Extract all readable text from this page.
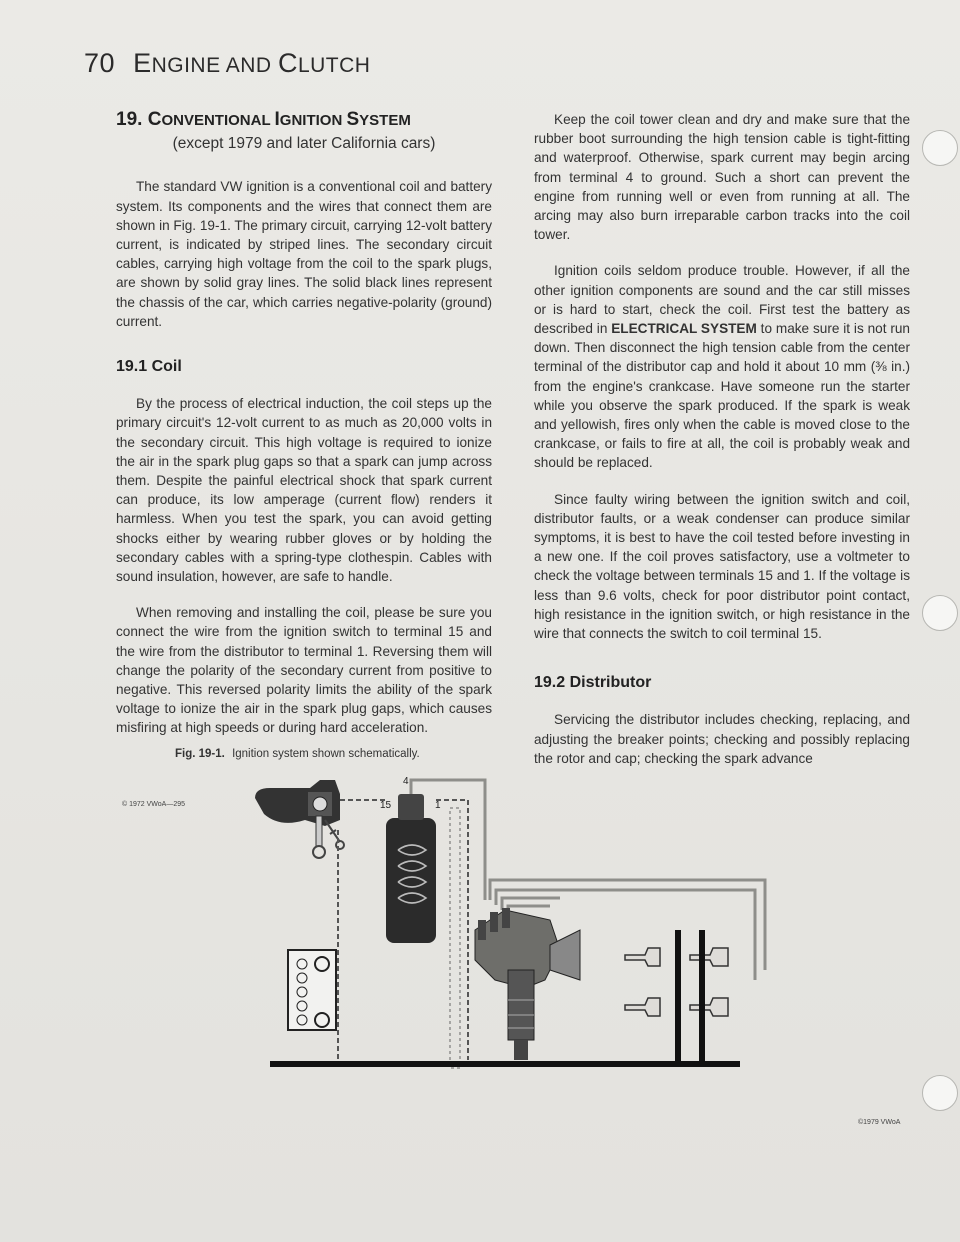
70 ENGINE AND CLUTCH
19. CONVENTIONAL IGNITION SYSTEM
(except 1979 and later California cars)

The standard VW ignition is a conventional coil and battery system. Its components and the wires that connect them are shown in Fig. 19-1. The primary circuit, carrying 12-volt battery current, is indicated by striped lines. The secondary circuit cables, carrying high voltage from the coil to the spark plugs, are shown by solid gray lines. The solid black lines represent the chassis of the car, which carries negative-polarity (ground) current.

19.1 Coil

By the process of electrical induction, the coil steps up the primary circuit's 12-volt current to as much as 20,000 volts in the secondary circuit. This high voltage is required to ionize the air in the spark plug gaps so that a spark can jump across them. Despite the painful electrical shock that spark current can produce, its low amperage (current flow) renders it harmless. When you test the spark, you can avoid getting shocks either by wearing rubber gloves or by holding the secondary cables with a spring-type clothespin. Cables with sound insulation, however, are safe to handle.

When removing and installing the coil, please be sure you connect the wire from the ignition switch to terminal 15 and the wire from the distributor to terminal 1. Reversing them will change the polarity of the secondary current from positive to negative. This reversed polarity limits the ability of the spark voltage to ionize the air in the spark plug gaps, which causes misfiring at high speeds or during hard acceleration.

Keep the coil tower clean and dry and make sure that the rubber boot surrounding the high tension cable is tight-fitting and waterproof. Otherwise, spark current may begin arcing from terminal 4 to ground. Such a short can prevent the engine from running well or even from running at all. The arcing may also burn irreparable carbon tracks into the coil tower.

Ignition coils seldom produce trouble. However, if all the other ignition components are sound and the car still misses or is hard to start, check the coil. First test the battery as described in ELECTRICAL SYSTEM to make sure it is not run down. Then disconnect the high tension cable from the center terminal of the distributor cap and hold it about 10 mm (⅜ in.) from the engine's crankcase. Have someone run the starter while you observe the spark produced. If the spark is weak and yellowish, fires only when the cable is moved close to the crankcase, or fails to fire at all, the coil is probably weak and should be replaced.

Since faulty wiring between the ignition switch and coil, distributor faults, or a weak condenser can produce similar symptoms, it is best to have the coil tested before investing in a new one. If the coil proves satisfactory, use a voltmeter to check the voltage between terminals 15 and 1. If the voltage is less than 9.6 volts, check for poor distributor point contact, high resistance in the ignition switch, or high resistance in the wire that connects the switch to coil terminal 15.

19.2 Distributor

Servicing the distributor includes checking, replacing, and adjusting the breaker points; checking and possibly replacing the rotor and cap; checking the spark advance

Fig. 19-1. Ignition system shown schematically.
© 1972 VWoA—295
©1979 VWoA
4
15	1
